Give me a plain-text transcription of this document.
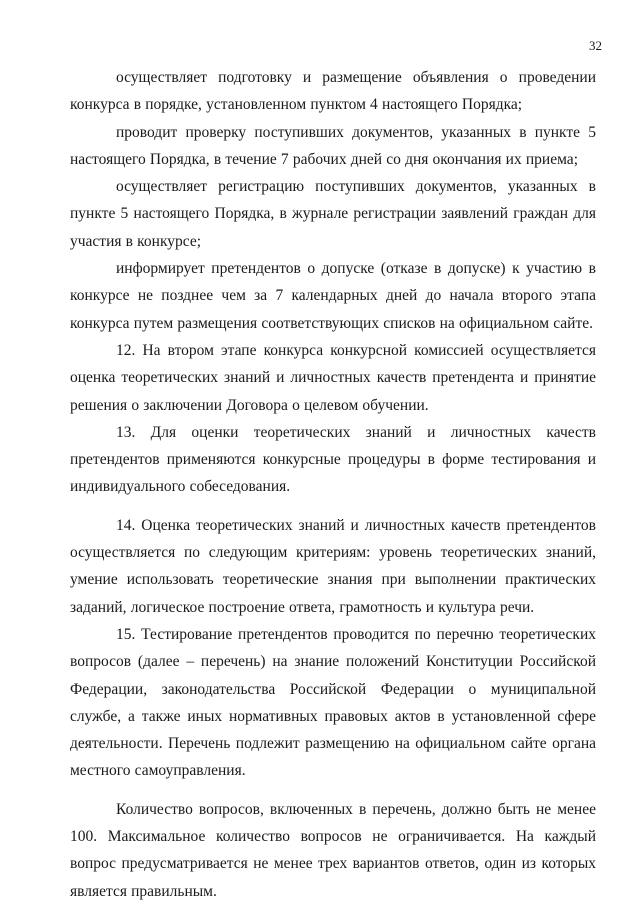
32

осуществляет подготовку и размещение объявления о проведении конкурса в порядке, установленном пунктом 4 настоящего Порядка;

проводит проверку поступивших документов, указанных в пункте 5 настоящего Порядка, в течение 7 рабочих дней со дня окончания их приема;

осуществляет регистрацию поступивших документов, указанных в пункте 5 настоящего Порядка, в журнале регистрации заявлений граждан для участия в конкурсе;

информирует претендентов о допуске (отказе в допуске) к участию в конкурсе не позднее чем за 7 календарных дней до начала второго этапа конкурса путем размещения соответствующих списков на официальном сайте.

12. На втором этапе конкурса конкурсной комиссией осуществляется оценка теоретических знаний и личностных качеств претендента и принятие решения о заключении Договора о целевом обучении.

13. Для оценки теоретических знаний и личностных качеств претендентов применяются конкурсные процедуры в форме тестирования и индивидуального собеседования.

14. Оценка теоретических знаний и личностных качеств претендентов осуществляется по следующим критериям: уровень теоретических знаний, умение использовать теоретические знания при выполнении практических заданий, логическое построение ответа, грамотность и культура речи.

15. Тестирование претендентов проводится по перечню теоретических вопросов (далее – перечень) на знание положений Конституции Российской Федерации, законодательства Российской Федерации о муниципальной службе, а также иных нормативных правовых актов в установленной сфере деятельности. Перечень подлежит размещению на официальном сайте органа местного самоуправления.

Количество вопросов, включенных в перечень, должно быть не менее 100. Максимальное количество вопросов не ограничивается. На каждый вопрос предусматривается не менее трех вариантов ответов, один из которых является правильным.
